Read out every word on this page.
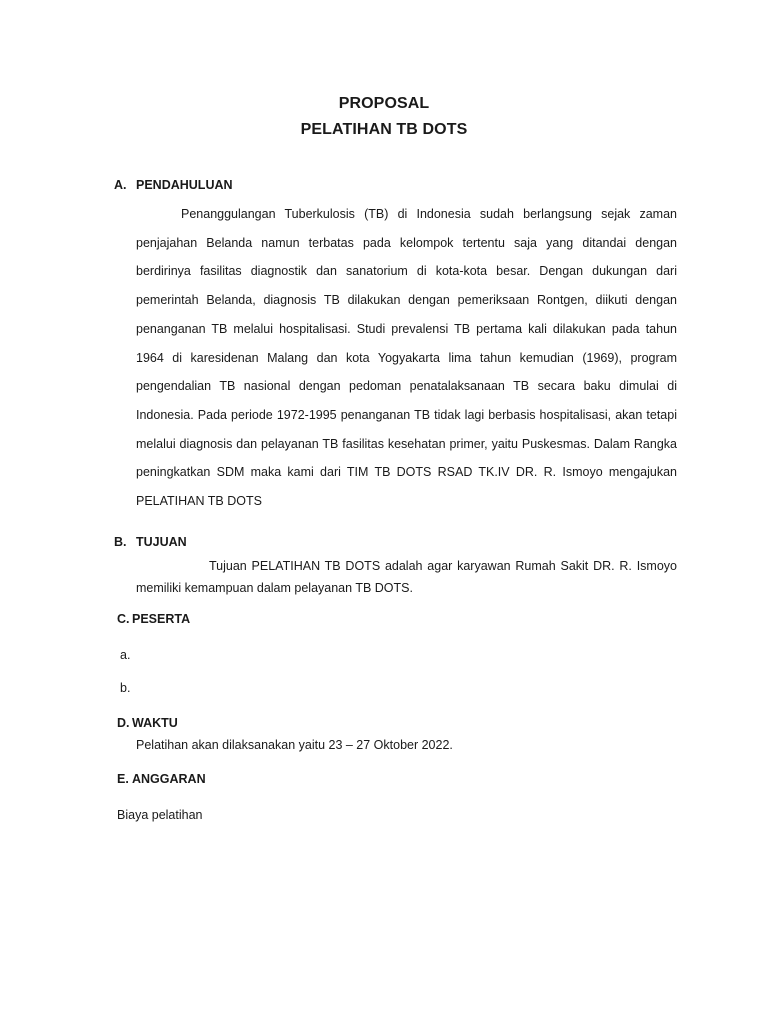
PROPOSAL
PELATIHAN TB DOTS
A. PENDAHULUAN

Penanggulangan Tuberkulosis (TB) di Indonesia sudah berlangsung sejak zaman penjajahan Belanda namun terbatas pada kelompok tertentu saja yang ditandai dengan berdirinya fasilitas diagnostik dan sanatorium di kota-kota besar. Dengan dukungan dari pemerintah Belanda, diagnosis TB dilakukan dengan pemeriksaan Rontgen, diikuti dengan penanganan TB melalui hospitalisasi. Studi prevalensi TB pertama kali dilakukan pada tahun 1964 di karesidenan Malang dan kota Yogyakarta lima tahun kemudian (1969), program pengendalian TB nasional dengan pedoman penatalaksanaan TB secara baku dimulai di Indonesia. Pada periode 1972-1995 penanganan TB tidak lagi berbasis hospitalisasi, akan tetapi melalui diagnosis dan pelayanan TB fasilitas kesehatan primer, yaitu Puskesmas. Dalam Rangka peningkatkan SDM maka kami dari TIM TB DOTS RSAD TK.IV DR. R. Ismoyo mengajukan PELATIHAN TB DOTS

B. TUJUAN

Tujuan PELATIHAN TB DOTS adalah agar karyawan Rumah Sakit DR. R. Ismoyo memiliki kemampuan dalam pelayanan TB DOTS.

C. PESERTA
a.
b.
D. WAKTU
Pelatihan akan dilaksanakan yaitu 23 – 27 Oktober 2022.
E. ANGGARAN
Biaya pelatihan
